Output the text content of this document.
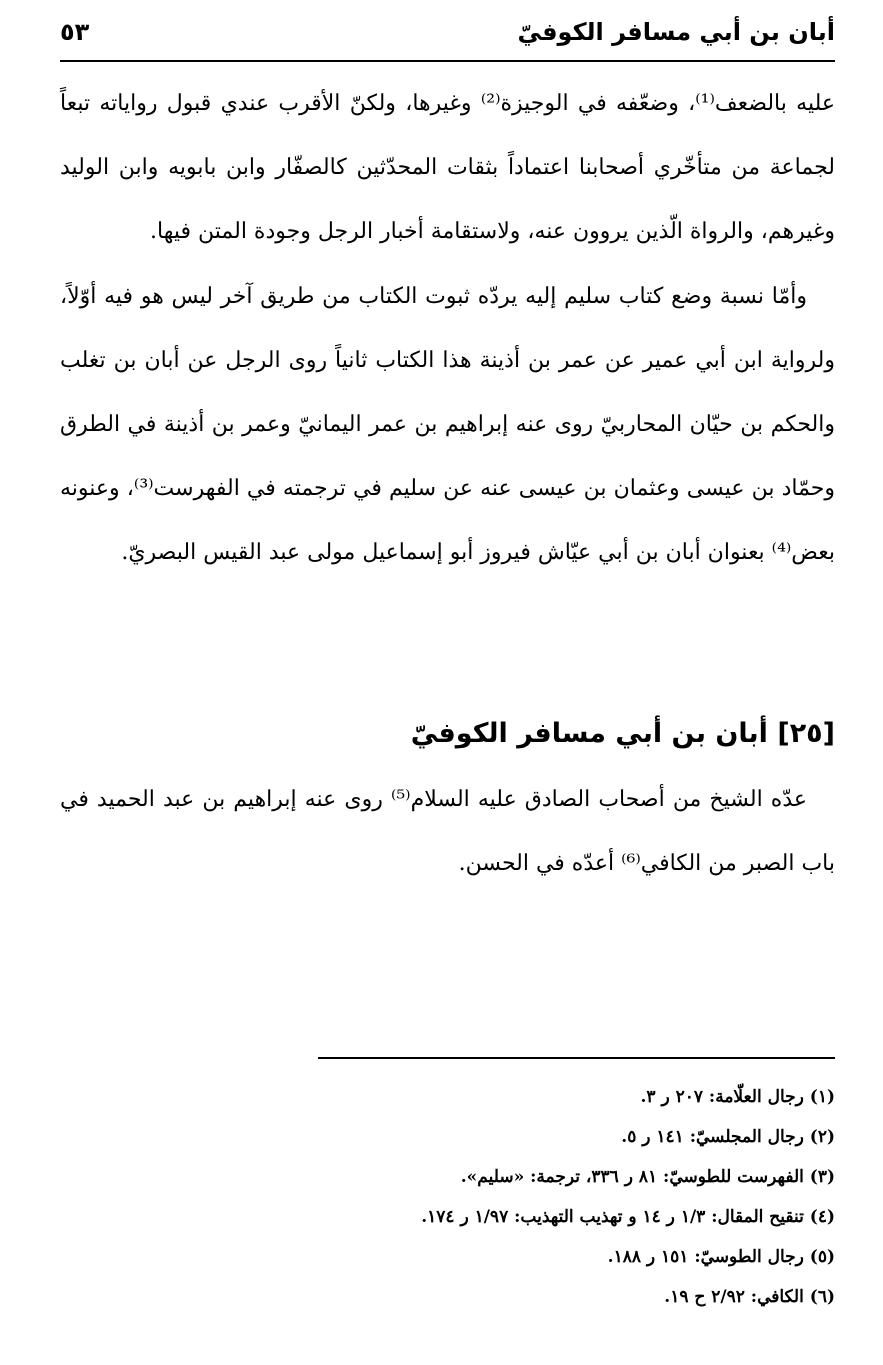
أبان بن أبي مسافر الكوفيّ
٥٣

عليه بالضعف⁽¹⁾، وضعّفه في الوجيزة⁽²⁾ وغيرها، ولكنّ الأقرب عندي قبول رواياته تبعاً لجماعة من متأخّري أصحابنا اعتماداً بثقات المحدّثين كالصفّار وابن بابويه وابن الوليد وغيرهم، والرواة الّذين يروون عنه، ولاستقامة أخبار الرجل وجودة المتن فيها.

وأمّا نسبة وضع كتاب سليم إليه يردّه ثبوت الكتاب من طريق آخر ليس هو فيه أوّلاً، ولرواية ابن أبي عمير عن عمر بن أذينة هذا الكتاب ثانياً روى الرجل عن أبان بن تغلب والحكم بن حيّان المحاربيّ روى عنه إبراهيم بن عمر اليمانيّ وعمر بن أذينة في الطرق وحمّاد بن عيسى وعثمان بن عيسى عنه عن سليم في ترجمته في الفهرست⁽³⁾، وعنونه بعض⁽⁴⁾ بعنوان أبان بن أبي عيّاش فيروز أبو إسماعيل مولى عبد القيس البصريّ.

[٢٥] أبان بن أبي مسافر الكوفيّ

عدّه الشيخ من أصحاب الصادق عليه السلام⁽⁵⁾ روى عنه إبراهيم بن عبد الحميد في باب الصبر من الكافي⁽⁶⁾ أعدّه في الحسن.

(١) رجال العلّامة: ٢٠٧ ر ٣.
(٢) رجال المجلسيّ: ١٤١ ر ٥.
(٣) الفهرست للطوسيّ: ٨١ ر ٣٣٦، ترجمة: «سليم».
(٤) تنقيح المقال: ١/٣ ر ١٤ و تهذيب التهذيب: ١/٩٧ ر ١٧٤.
(٥) رجال الطوسيّ: ١٥١ ر ١٨٨.
(٦) الكافي: ٢/٩٢ ح ١٩.
